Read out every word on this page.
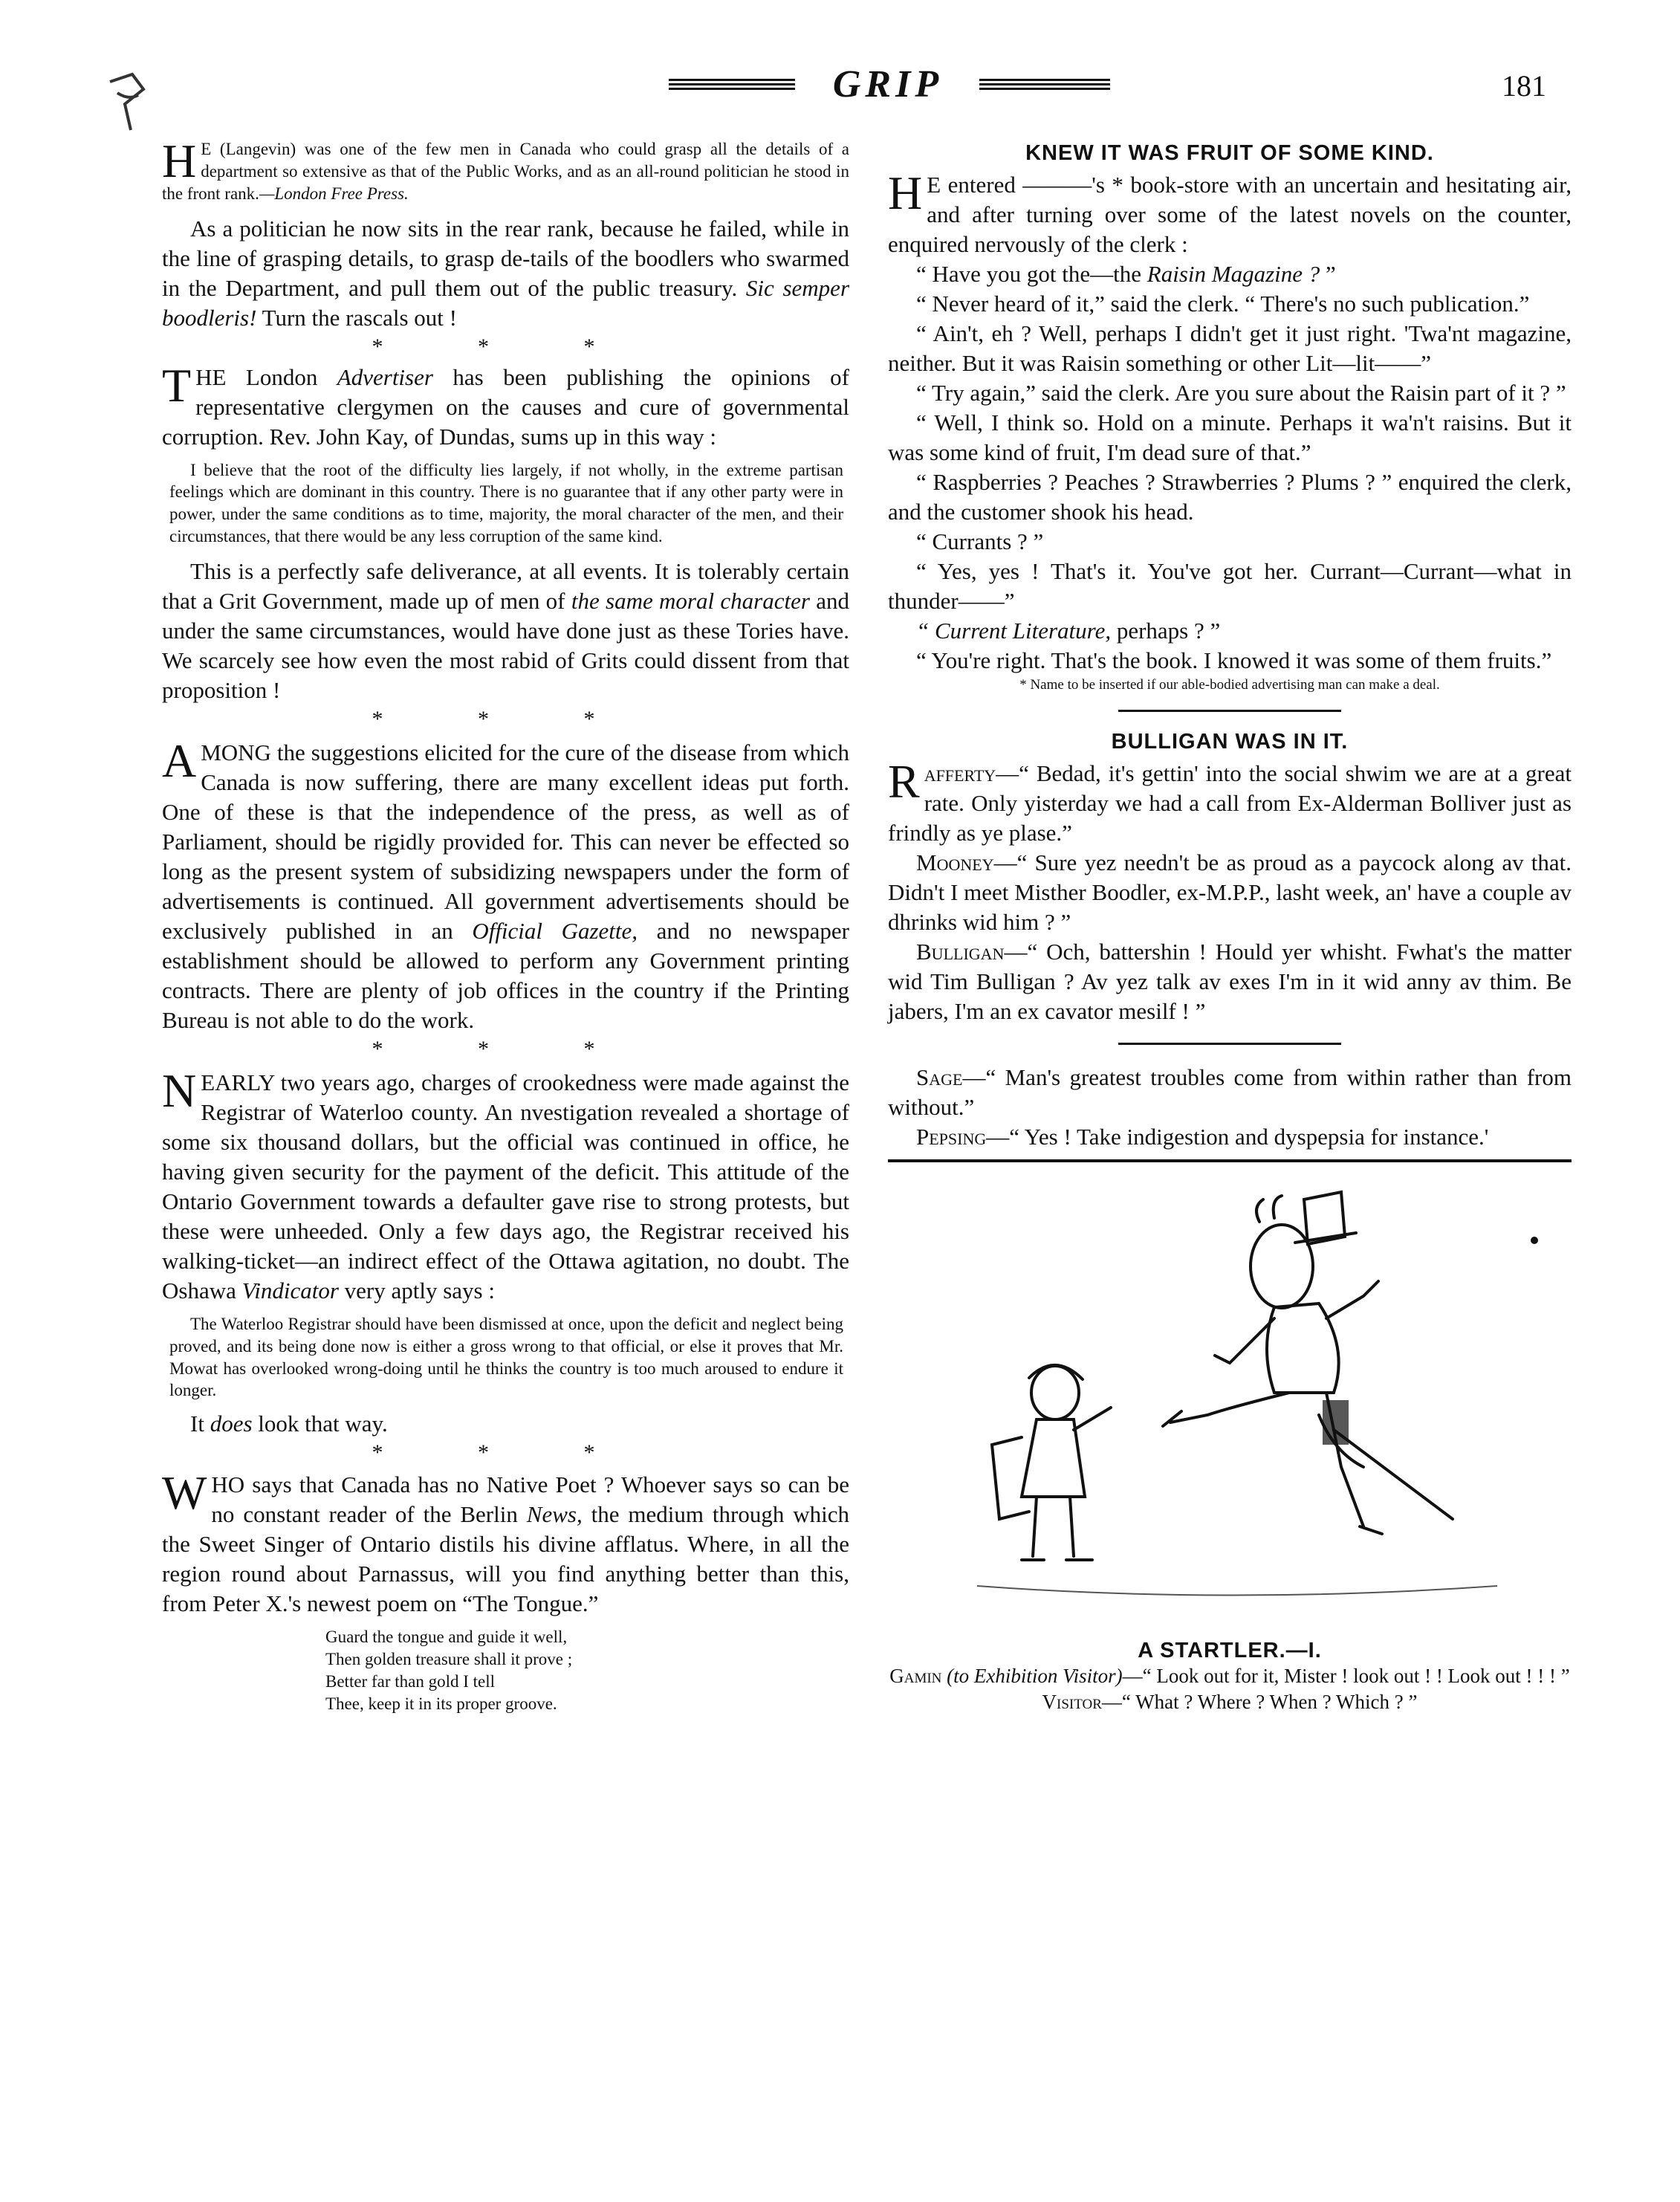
GRIP	181

HE (Langevin) was one of the few men in Canada who could grasp all the details of a department so extensive as that of the Public Works, and as an all-round politician he stood in the front rank.—London Free Press.

As a politician he now sits in the rear rank, because he failed, while in the line of grasping details, to grasp de-tails of the boodlers who swarmed in the Department, and pull them out of the public treasury. Sic semper boodleris! Turn the rascals out !

* * *

THE London Advertiser has been publishing the opinions of representative clergymen on the causes and cure of governmental corruption. Rev. John Kay, of Dundas, sums up in this way :

I believe that the root of the difficulty lies largely, if not wholly, in the extreme partisan feelings which are dominant in this country. There is no guarantee that if any other party were in power, under the same conditions as to time, majority, the moral character of the men, and their circumstances, that there would be any less corruption of the same kind.

This is a perfectly safe deliverance, at all events. It is tolerably certain that a Grit Government, made up of men of the same moral character and under the same circumstances, would have done just as these Tories have. We scarcely see how even the most rabid of Grits could dissent from that proposition !

* * *

AMONG the suggestions elicited for the cure of the disease from which Canada is now suffering, there are many excellent ideas put forth. One of these is that the independence of the press, as well as of Parliament, should be rigidly provided for. This can never be effected so long as the present system of subsidizing newspapers under the form of advertisements is continued. All government advertisements should be exclusively published in an Official Gazette, and no newspaper establishment should be allowed to perform any Government printing contracts. There are plenty of job offices in the country if the Printing Bureau is not able to do the work.

* * *

NEARLY two years ago, charges of crookedness were made against the Registrar of Waterloo county. An nvestigation revealed a shortage of some six thousand dollars, but the official was continued in office, he having given security for the payment of the deficit. This attitude of the Ontario Government towards a defaulter gave rise to strong protests, but these were unheeded. Only a few days ago, the Registrar received his walking-ticket—an indirect effect of the Ottawa agitation, no doubt. The Oshawa Vindicator very aptly says :

The Waterloo Registrar should have been dismissed at once, upon the deficit and neglect being proved, and its being done now is either a gross wrong to that official, or else it proves that Mr. Mowat has overlooked wrong-doing until he thinks the country is too much aroused to endure it longer.

It does look that way.

* * *

WHO says that Canada has no Native Poet ? Whoever says so can be no constant reader of the Berlin News, the medium through which the Sweet Singer of Ontario distils his divine afflatus. Where, in all the region round about Parnassus, will you find anything better than this, from Peter X.'s newest poem on “The Tongue.”

Guard the tongue and guide it well,
Then golden treasure shall it prove ;
Better far than gold I tell
Thee, keep it in its proper groove.
KNEW IT WAS FRUIT OF SOME KIND.

HE entered ———'s * book-store with an uncertain and hesitating air, and after turning over some of the latest novels on the counter, enquired nervously of the clerk :

“ Have you got the—the Raisin Magazine ? ”

“ Never heard of it,” said the clerk. “ There's no such publication.”

“ Ain't, eh ? Well, perhaps I didn't get it just right. 'Twa'nt magazine, neither. But it was Raisin something or other Lit—lit——”

“ Try again,” said the clerk. Are you sure about the Raisin part of it ? ”

“ Well, I think so. Hold on a minute. Perhaps it wa'n't raisins. But it was some kind of fruit, I'm dead sure of that.”

“ Raspberries ? Peaches ? Strawberries ? Plums ? ” enquired the clerk, and the customer shook his head.

“ Currants ? ”

“ Yes, yes ! That's it. You've got her. Currant—Currant—what in thunder——”

“ Current Literature, perhaps ? ”

“ You're right. That's the book. I knowed it was some of them fruits.”

* Name to be inserted if our able-bodied advertising man can make a deal.
BULLIGAN WAS IN IT.

Rafferty—“ Bedad, it's gettin' into the social shwim we are at a great rate. Only yisterday we had a call from Ex-Alderman Bolliver just as frindly as ye plase.”

Mooney—“ Sure yez needn't be as proud as a paycock along av that. Didn't I meet Misther Boodler, ex-M.P.P., lasht week, an' have a couple av dhrinks wid him ? ”

Bulligan—“ Och, battershin ! Hould yer whisht. Fwhat's the matter wid Tim Bulligan ? Av yez talk av exes I'm in it wid anny av thim. Be jabers, I'm an ex cavator mesilf ! ”

Sage—“ Man's greatest troubles come from within rather than from without.”

Pepsing—“ Yes ! Take indigestion and dyspepsia for instance.'

A STARTLER.—I.

Gamin (to Exhibition Visitor)—“ Look out for it, Mister ! look out ! ! Look out ! ! ! ”

Visitor—“ What ? Where ? When ? Which ? ”
